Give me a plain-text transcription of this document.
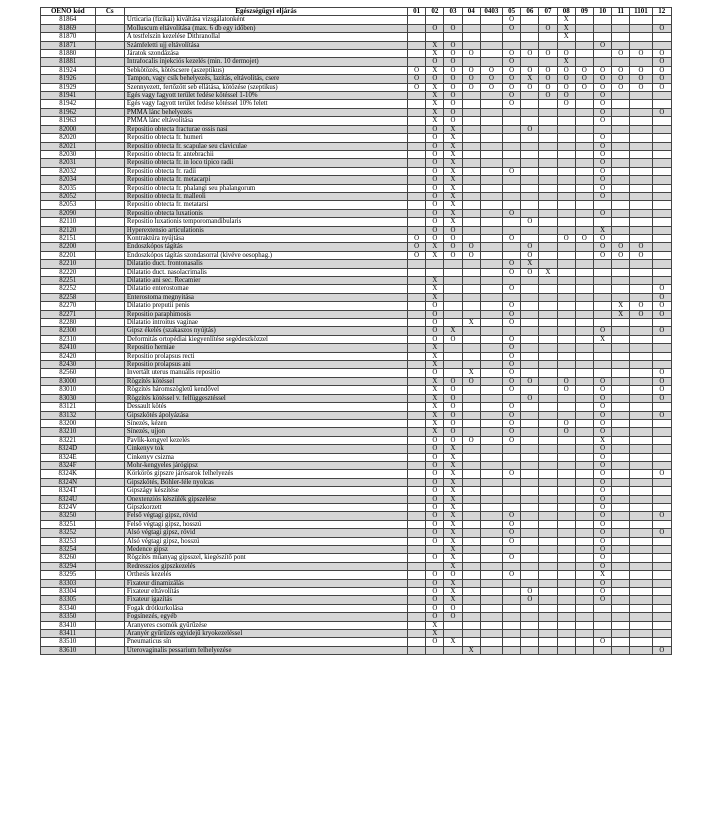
OENO kód	Cs	Egészségügyi eljárás	01	02	03	04	0403	05	06	07	08	09	10	11	1101	12
81864		Urticaria (fizikai) kiváltása vizsgálatonként						O			X					
81869		Molluscum eltávolítása (max. 6 db egy időben)		O	O			O		O	X					O
81870		A testfelszín kezelése Dithranollal									X					
81871		Számfeletti ujj eltávolítása		X	O								O			
81880		Járatok szondázása		X	O	O		O	O	O	O			O	O	O
81881		Intrafocalis injekciós kezelés (min. 10 dermojet)		O	O			O			X					O
81924		Sebkötözés, kötéscsere (aszeptikus)	O	X	O	O	O	O	O	O	O	O	O	O	O	O
81926		Tampon, vagy csík behelyezés, lazítás, eltávolítás, csere	O	O	O	O	O	O	X	O	O	O	O	O	O	O
81929		Szennyezett, fertőzött seb ellátása, kötözése (szeptikus)	O	X	O	O	O	O	O	O	O	O	O	O	O	O
81941		Égés vagy fagyott terület fedése kötéssel 1-10%		X	O			O		O	O		O			
81942		Égés vagy fagyott terület fedése kötéssel 10% felett		X	O			O			O		O			
81962		PMMA lánc behelyezés		X	O								O			O
81963		PMMA lánc eltávolítása		X	O								O			
82000		Repositio obtecta fracturae ossis nasi		O	X				O							
82020		Repositio obtecta fr. humeri		O	X								O			
82021		Repositio obtecta fr. scapulae seu claviculae		O	X								O			
82030		Repositio obtecta fr. antebrachii		O	X								O			
82031		Repositio obtecta fr. in loco tipico radii		O	X								O			
82032		Repositio obtecta fr. radii		O	X			O					O			
82034		Repositio obtecta fr. metacarpi		O	X								O			
82035		Repositio obtecta fr. phalangi seu phalangorum		O	X								O			
82052		Repositio obtecta fr. malleoli		O	X								O			
82053		Repositio obtecta fr. metatarsi		O	X											
82090		Repositio obtecta luxationis		O	X			O					O			
82110		Repositio luxationis temporomandibularis		O	X				O							
82120		Hyperextensio articulationis		O	O								X			
82151		Kontraktúra nyújtása	O	O	O			O			O	O	O			
82200		Endoszkópos tágítás	O	X	O	O			O				O	O	O	
82201		Endoszkópos tágítás szondasorral (kivéve oesophag.)	O	X	O	O			O				O	O	O	
82210		Dilatatio duct. frontonasalis						O	X							
82220		Dilatatio duct. nasolacrimalis						O	O	X						
82251		Dilatatio ani sec. Recamier		X												
82252		Dilatatio enterostomae		X				O								O
82258		Enterostoma megnyitása		X												O
82270		Dilatatio preputii penis		O				O						X	O	O
82271		Repositio paraphimosis		O				O						X	O	O
82280		Dilatatio introitus vaginae		O		X		O								
82300		Gipsz ékelés (szakaszos nyújtás)		O	X								O			O
82310		Deformitás ortopédiai kiegyenlítése segédeszközzel		O	O			O					X			
82410		Repositio herniae		X				O								
82420		Repositio prolapsus recti		X				O								
82430		Repositio prolapsus ani		X				O								
82560		Invertált uterus manuális repositio		O		X		O								O
83000		Rögzítés kötéssel		X	O	O		O	O		O		O			O
83010		Rögzítés háromszögletű kendővel		X	O			O			O		O			O
83030		Rögzítés kötéssel v. felfüggesztéssel		X	O				O				O			O
83121		Dessault kötés		X	O			O					O			
83132		Gipszkötés ápolyázása		X	O			O					O			O
83200		Sínezés, kézen		X	O			O			O		O			
83210		Sínezés, ujjon		X	O			O			O		O			
83221		Pavlik-kengyel kezelés		O	O	O		O					X			
8324D		Cinkenyv tok		O	X								O			
8324E		Cinkenyv csizma		O	X								O			
8324F		Mohr-kengyeles járógipsz		O	X								O			
8324K		Körkörös gipszre járósarok felhelyezés		O	X			O					O			O
8324N		Gipszkötés, Böhler-féle nyolcas		O	X								O			
8324T		Gipszágy készítése		O	X								O			
8324U		Önextenziós készülék gipszelése		O	X								O			
8324V		Gipszkorzett		O	X								O			
83250		Felső végtagi gipsz, rövid		O	X			O					O			O
83251		Felső végtagi gipsz, hosszú		O	X			O					O			
83252		Alsó végtagi gipsz, rövid		O	X			O					O			O
83253		Alsó végtagi gipsz, hosszú		O	X			O					O			
83254		Medence gipsz			X								O			
83260		Rögzítés műanyag gipsszel, kiegészítő pont		O	X			O					O			
83294		Redresszios gipszkezelés			X								O			
83295		Orthesis kezelés		O	O			O					X			
83303		Fixateur dinamizálás		O	X								O			
83304		Fixateur eltávolítás		O	X				O				O			
83305		Fixateur igazítás		O	X				O				O			
83340		Fogak drótkurkolása		O	O											
83350		Fogsínezés, egyéb		O	O											
83410		Aranyeres csomók gyűrűzése		X												
83411		Aranyér gyűrűzés egyidejű kryokezeléssel		X												
83510		Pneumaticus sín		O	X								O			
83610		Uterovaginalis pessarium felhelyezése				X										O
